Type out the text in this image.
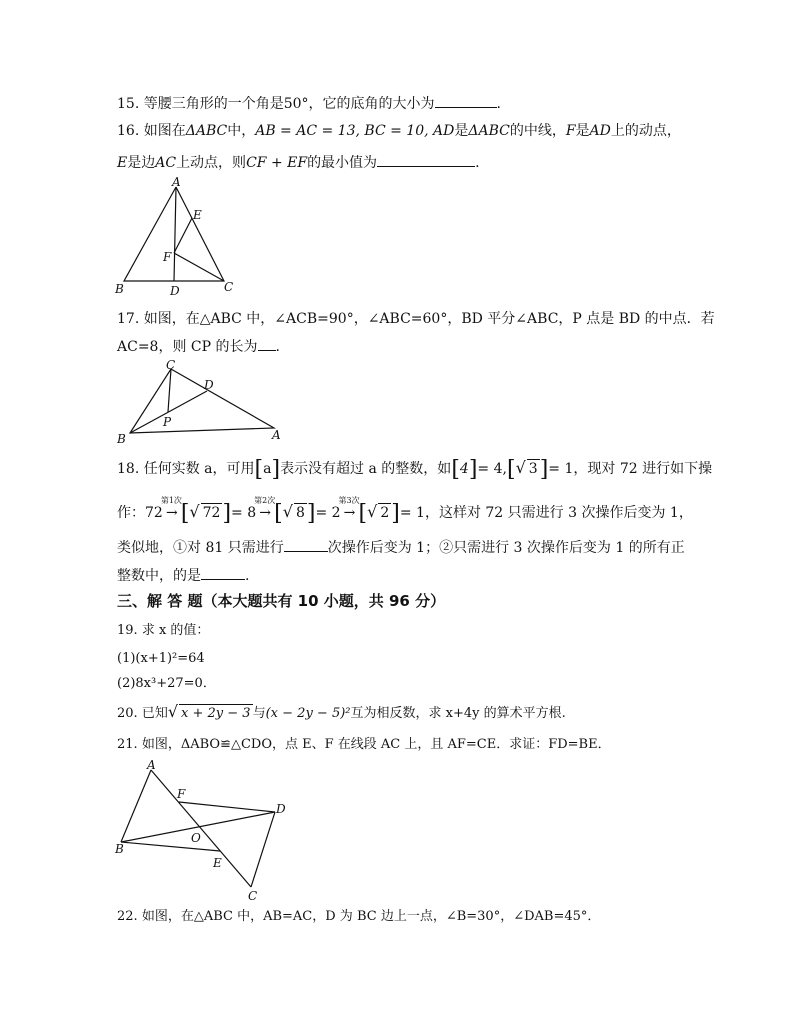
15. 等腰三角形的一个角是50°，它的底角的大小为	.
16. 如图在ΔABC中，AB = AC = 13, BC = 10, AD是ΔABC的中线，F是AD上的动点，
E是边AC上动点，则CF + EF的最小值为	.
A
E
F
B	D	C
17. 如图，在△ABC 中，∠ACB=90°，∠ABC=60°，BD 平分∠ABC，P 点是 BD 的中点．若
AC=8，则 CP 的长为 .
C
D
P
B	A
18. 任何实数 a，可用[a]表示没有超过 a 的整数，如[4]= 4,[√ 3]= 1，现对 72 进行如下操
作：72
第1次
→ [√ 72]= 8
第2次
→ [√ 8]= 2
第3次
→ [√ 2]= 1，这样对 72 只需进行 3 次操作后变为 1，
类似地，①对 81 只需进行	次操作后变为 1；②只需进行 3 次操作后变为 1 的所有正
整数中，的是	.
三、解 答 题（本大题共有 10 小题，共 96 分）
19. 求 x 的值：
(1)(x+1)²=64
(2)8x³+27=0．
20. 已知√ x + 2y − 3 与(x − 2y − 5)²互为相反数，求 x+4y 的算术平方根.
21. 如图，ΔABO≌△CDO，点 E、F 在线段 AC 上，且 AF=CE．求证：FD=BE．
A
F
D
O
B
E
C
22. 如图，在△ABC 中，AB=AC，D 为 BC 边上一点，∠B=30°，∠DAB=45°．
